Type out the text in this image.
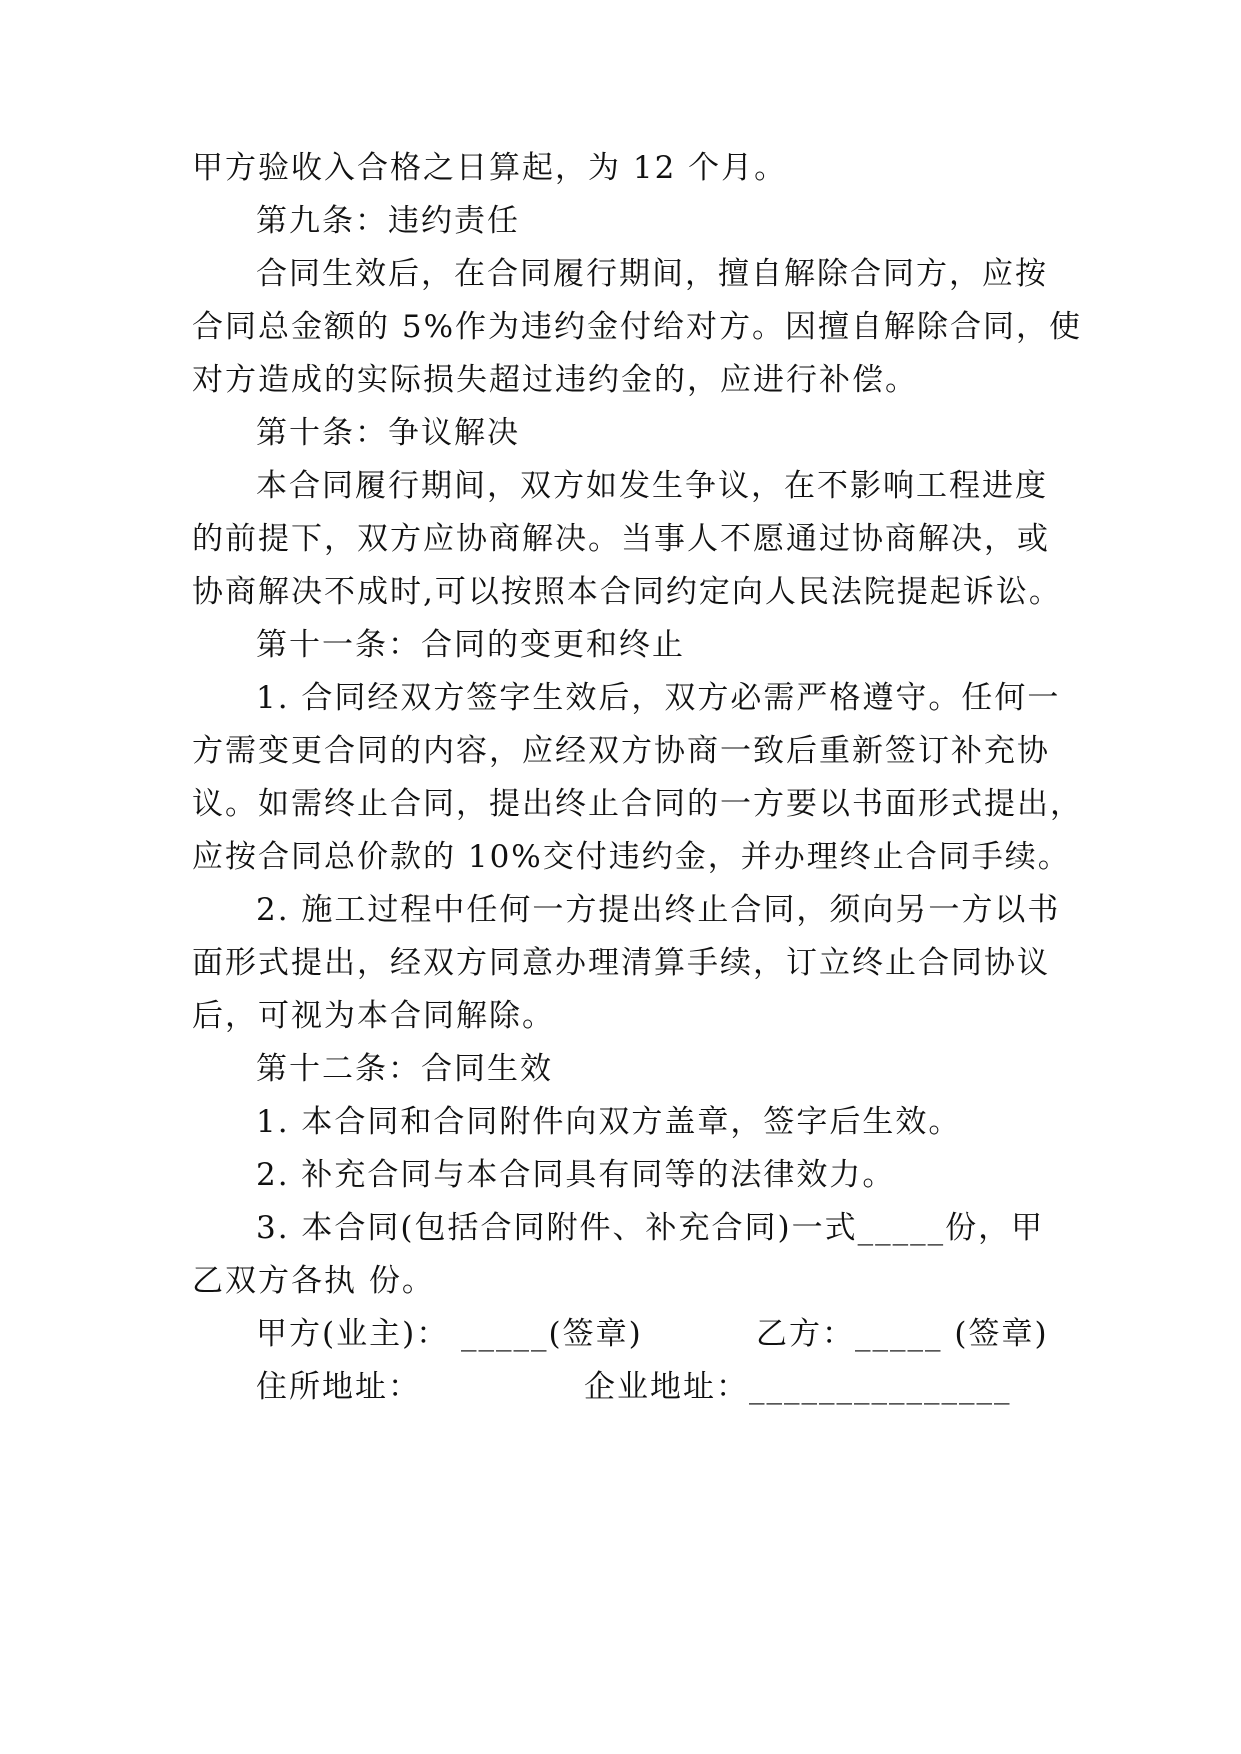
甲方验收入合格之日算起，为 12 个月。
第九条：违约责任
合同生效后，在合同履行期间，擅自解除合同方，应按
合同总金额的 5%作为违约金付给对方。因擅自解除合同，使
对方造成的实际损失超过违约金的，应进行补偿。
第十条：争议解决
本合同履行期间，双方如发生争议，在不影响工程进度
的前提下，双方应协商解决。当事人不愿通过协商解决，或
协商解决不成时,可以按照本合同约定向人民法院提起诉讼。
第十一条：合同的变更和终止
1. 合同经双方签字生效后，双方必需严格遵守。任何一
方需变更合同的内容，应经双方协商一致后重新签订补充协
议。如需终止合同，提出终止合同的一方要以书面形式提出，
应按合同总价款的 10%交付违约金，并办理终止合同手续。
2. 施工过程中任何一方提出终止合同，须向另一方以书
面形式提出，经双方同意办理清算手续，订立终止合同协议
后，可视为本合同解除。
第十二条：合同生效
1. 本合同和合同附件向双方盖章，签字后生效。
2. 补充合同与本合同具有同等的法律效力。
3. 本合同(包括合同附件、补充合同)一式_____份，甲
乙双方各执 份。
甲方(业主)： _____(签章)	乙方：_____ (签章)
住所地址：	企业地址：_______________
